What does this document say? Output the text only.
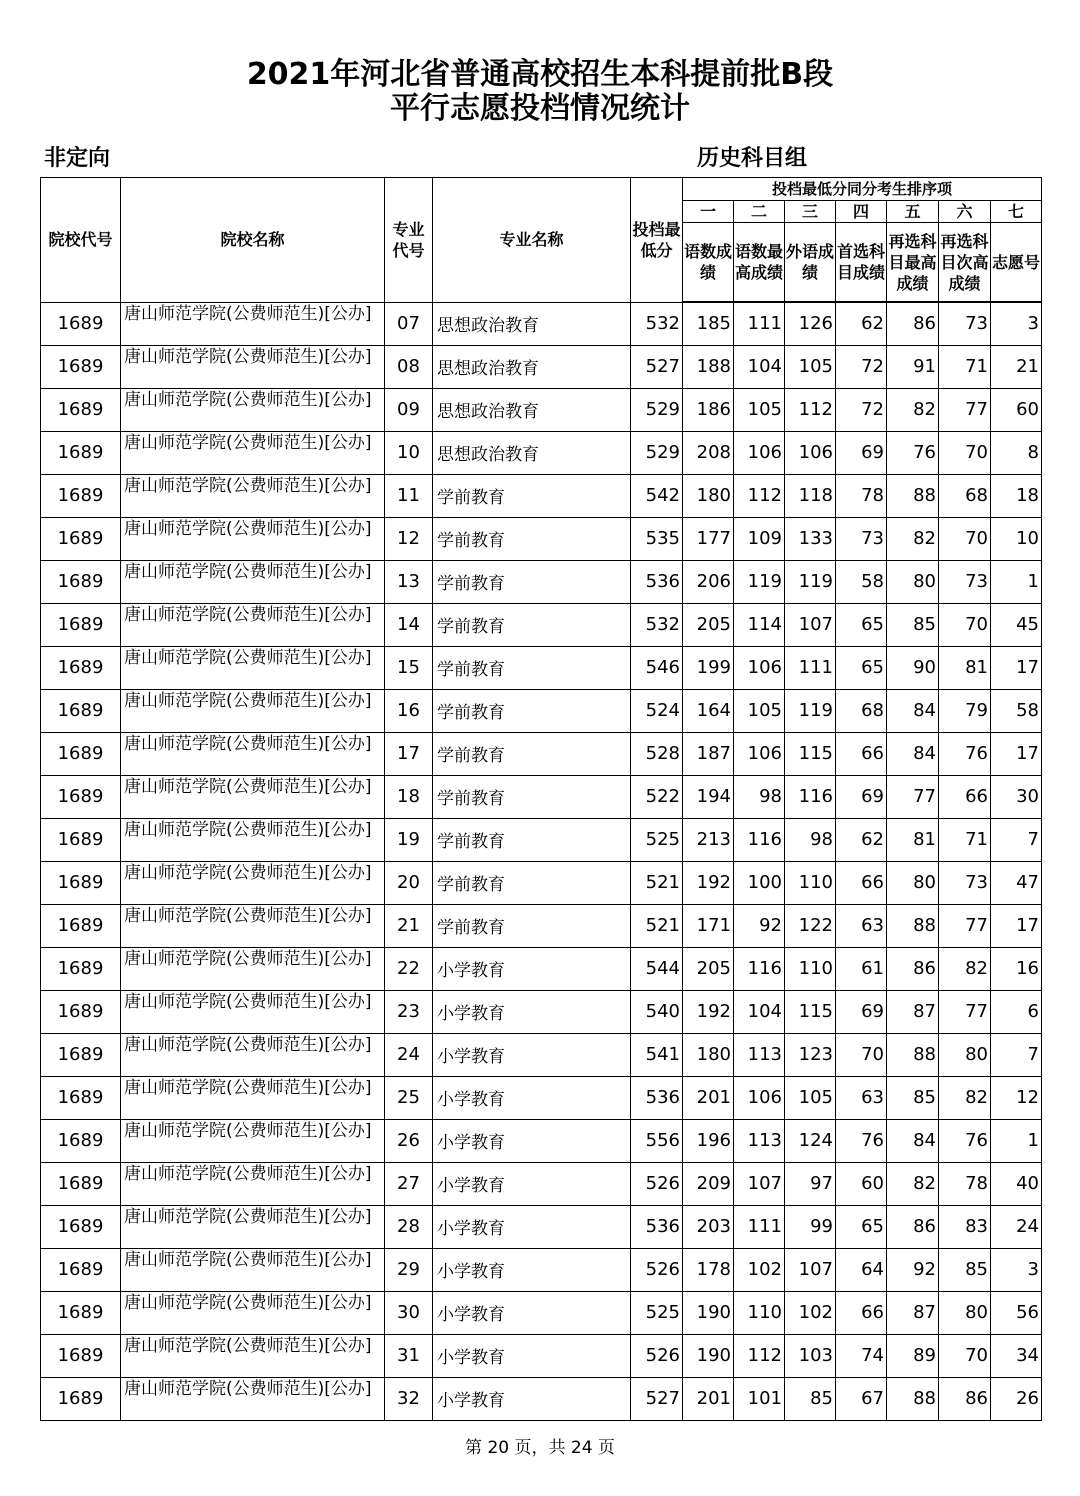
2021年河北省普通高校招生本科提前批B段
平行志愿投档情况统计
非定向	历史科目组
院校代号	院校名称	专业代号	专业名称	投档最低分	投档最低分同分考生排序项						
					一	二	三	四	五	六	七
					语数成绩	语数最高成绩	外语成绩	首选科目成绩	再选科目最高成绩	再选科目次高成绩	志愿号
1689	唐山师范学院(公费师范生)[公办]	07	思想政治教育	532	185	111	126	62	86	73	3
1689	唐山师范学院(公费师范生)[公办]	08	思想政治教育	527	188	104	105	72	91	71	21
1689	唐山师范学院(公费师范生)[公办]	09	思想政治教育	529	186	105	112	72	82	77	60
1689	唐山师范学院(公费师范生)[公办]	10	思想政治教育	529	208	106	106	69	76	70	8
1689	唐山师范学院(公费师范生)[公办]	11	学前教育	542	180	112	118	78	88	68	18
1689	唐山师范学院(公费师范生)[公办]	12	学前教育	535	177	109	133	73	82	70	10
1689	唐山师范学院(公费师范生)[公办]	13	学前教育	536	206	119	119	58	80	73	1
1689	唐山师范学院(公费师范生)[公办]	14	学前教育	532	205	114	107	65	85	70	45
1689	唐山师范学院(公费师范生)[公办]	15	学前教育	546	199	106	111	65	90	81	17
1689	唐山师范学院(公费师范生)[公办]	16	学前教育	524	164	105	119	68	84	79	58
1689	唐山师范学院(公费师范生)[公办]	17	学前教育	528	187	106	115	66	84	76	17
1689	唐山师范学院(公费师范生)[公办]	18	学前教育	522	194	98	116	69	77	66	30
1689	唐山师范学院(公费师范生)[公办]	19	学前教育	525	213	116	98	62	81	71	7
1689	唐山师范学院(公费师范生)[公办]	20	学前教育	521	192	100	110	66	80	73	47
1689	唐山师范学院(公费师范生)[公办]	21	学前教育	521	171	92	122	63	88	77	17
1689	唐山师范学院(公费师范生)[公办]	22	小学教育	544	205	116	110	61	86	82	16
1689	唐山师范学院(公费师范生)[公办]	23	小学教育	540	192	104	115	69	87	77	6
1689	唐山师范学院(公费师范生)[公办]	24	小学教育	541	180	113	123	70	88	80	7
1689	唐山师范学院(公费师范生)[公办]	25	小学教育	536	201	106	105	63	85	82	12
1689	唐山师范学院(公费师范生)[公办]	26	小学教育	556	196	113	124	76	84	76	1
1689	唐山师范学院(公费师范生)[公办]	27	小学教育	526	209	107	97	60	82	78	40
1689	唐山师范学院(公费师范生)[公办]	28	小学教育	536	203	111	99	65	86	83	24
1689	唐山师范学院(公费师范生)[公办]	29	小学教育	526	178	102	107	64	92	85	3
1689	唐山师范学院(公费师范生)[公办]	30	小学教育	525	190	110	102	66	87	80	56
1689	唐山师范学院(公费师范生)[公办]	31	小学教育	526	190	112	103	74	89	70	34
1689	唐山师范学院(公费师范生)[公办]	32	小学教育	527	201	101	85	67	88	86	26
第 20 页，共 24 页
